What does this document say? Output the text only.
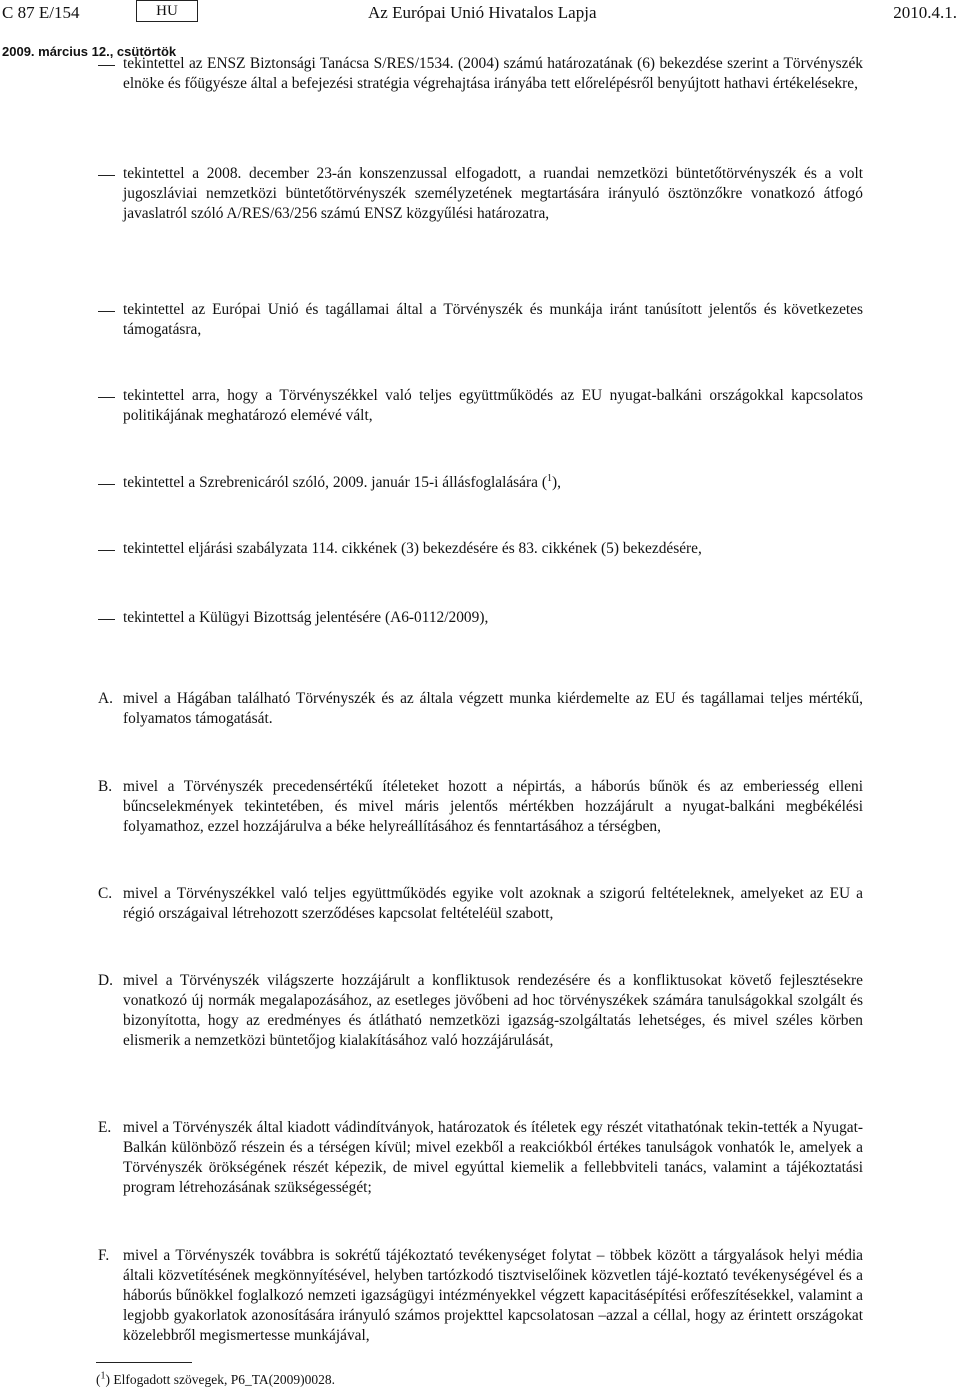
C 87 E/154	HU	Az Európai Unió Hivatalos Lapja	2010.4.1.
2009. március 12., csütörtök
tekintettel az ENSZ Biztonsági Tanácsa S/RES/1534. (2004) számú határozatának (6) bekezdése szerint a Törvényszék elnöke és főügyésze által a befejezési stratégia végrehajtása irányába tett előrelépésről benyújtott hathavi értékelésekre,
tekintettel a 2008. december 23-án konszenzussal elfogadott, a ruandai nemzetközi büntetőtörvényszék és a volt jugoszláviai nemzetközi büntetőtörvényszék személyzetének megtartására irányuló ösztönzőkre vonatkozó átfogó javaslatról szóló A/RES/63/256 számú ENSZ közgyűlési határozatra,
tekintettel az Európai Unió és tagállamai által a Törvényszék és munkája iránt tanúsított jelentős és következetes támogatásra,
tekintettel arra, hogy a Törvényszékkel való teljes együttműködés az EU nyugat-balkáni országokkal kapcsolatos politikájának meghatározó elemévé vált,
tekintettel a Szrebrenicáról szóló, 2009. január 15-i állásfoglalására ($^1$),
tekintettel eljárási szabályzata 114. cikkének (3) bekezdésére és 83. cikkének (5) bekezdésére,
tekintettel a Külügyi Bizottság jelentésére (A6-0112/2009),
A. mivel a Hágában található Törvényszék és az általa végzett munka kiérdemelte az EU és tagállamai teljes mértékű, folyamatos támogatását.
B. mivel a Törvényszék precedensértékű ítéleteket hozott a népirtás, a háborús bűnök és az emberiesség elleni bűncselekmények tekintetében, és mivel máris jelentős mértékben hozzájárult a nyugat-balkáni megbékélési folyamathoz, ezzel hozzájárulva a béke helyreállításához és fenntartásához a térségben,
C. mivel a Törvényszékkel való teljes együttműködés egyike volt azoknak a szigorú feltételeknek, amelyeket az EU a régió országaival létrehozott szerződéses kapcsolat feltételéül szabott,
D. mivel a Törvényszék világszerte hozzájárult a konfliktusok rendezésére és a konfliktusokat követő fejlesztésekre vonatkozó új normák megalapozásához, az esetleges jövőbeni ad hoc törvényszékek számára tanulságokkal szolgált és bizonyította, hogy az eredményes és átlátható nemzetközi igazság-szolgáltatás lehetséges, és mivel széles körben elismerik a nemzetközi büntetőjog kialakításához való hozzájárulását,
E. mivel a Törvényszék által kiadott vádindítványok, határozatok és ítéletek egy részét vitathatónak tekin-tették a Nyugat-Balkán különböző részein és a térségen kívül; mivel ezekből a reakciókból értékes tanulságok vonhatók le, amelyek a Törvényszék örökségének részét képezik, de mivel egyúttal kiemelik a fellebbviteli tanács, valamint a tájékoztatási program létrehozásának szükségességét;
F. mivel a Törvényszék továbbra is sokrétű tájékoztató tevékenységet folytat – többek között a tárgyalások helyi média általi közvetítésének megkönnyítésével, helyben tartózkodó tisztviselőinek közvetlen tájé-koztató tevékenységével és a háborús bűnökkel foglalkozó nemzeti igazságügyi intézményekkel végzett kapacitásépítési erőfeszítésekkel, valamint a legjobb gyakorlatok azonosítására irányuló számos projekttel kapcsolatosan –azzal a céllal, hogy az érintett országokat közelebbről megismertesse munkájával,
($^1$) Elfogadott szövegek, P6_TA(2009)0028.
